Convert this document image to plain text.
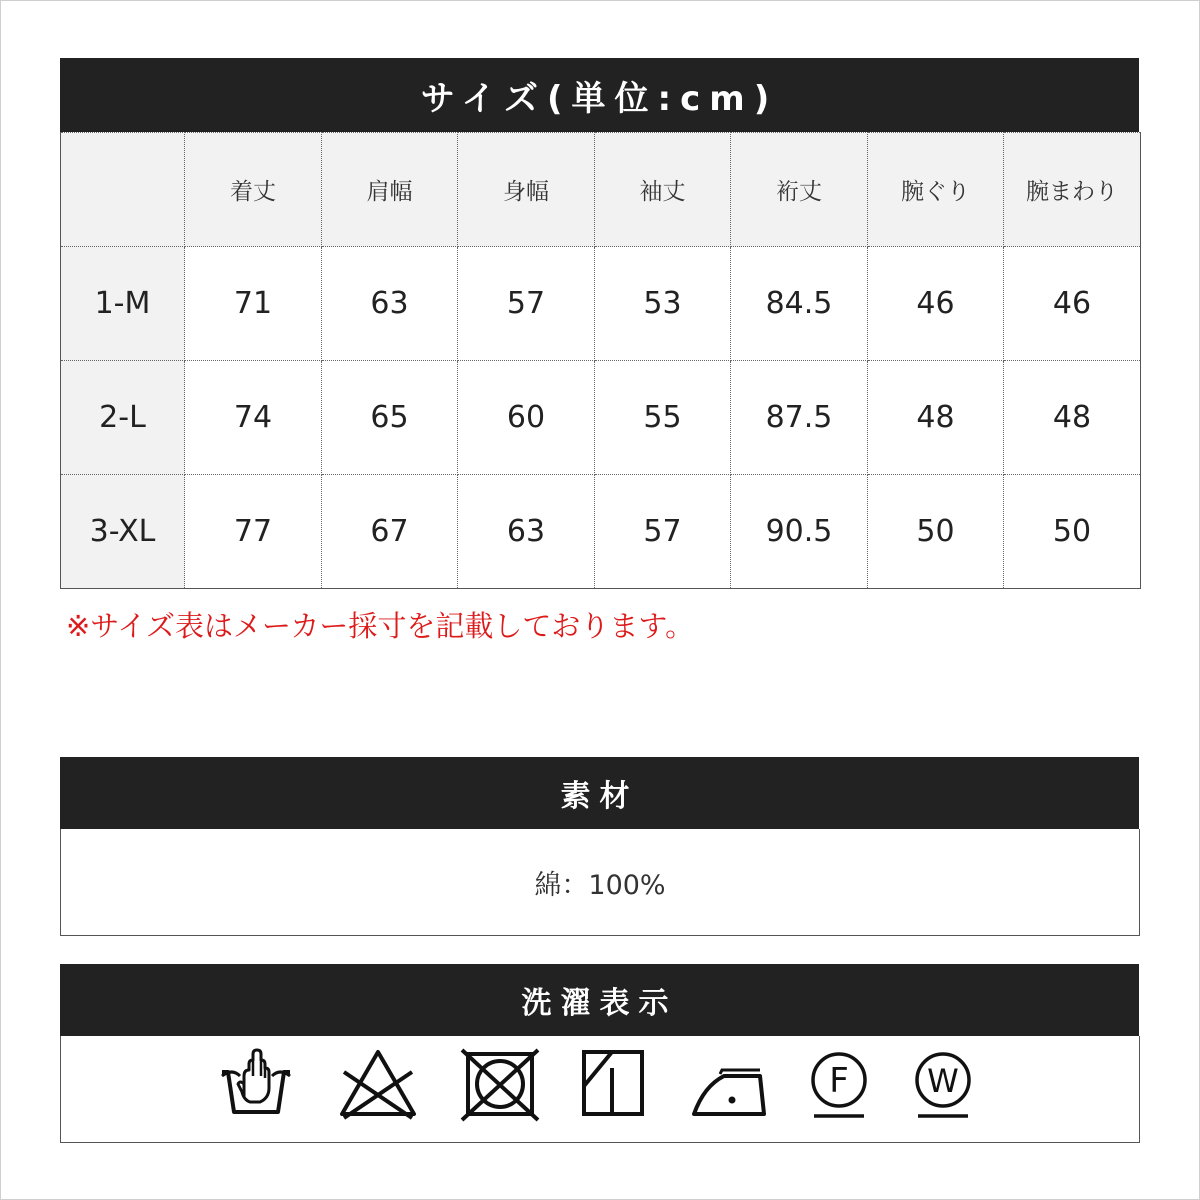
サイズ(単位:cm)
	着丈	肩幅	身幅	袖丈	裄丈	腕ぐり	腕まわり
1-M	71	63	57	53	84.5	46	46
2-L	74	65	60	55	87.5	48	48
3-XL	77	67	63	57	90.5	50	50
※サイズ表はメーカー採寸を記載しております。
素材
綿：100%
洗濯表示
F W
